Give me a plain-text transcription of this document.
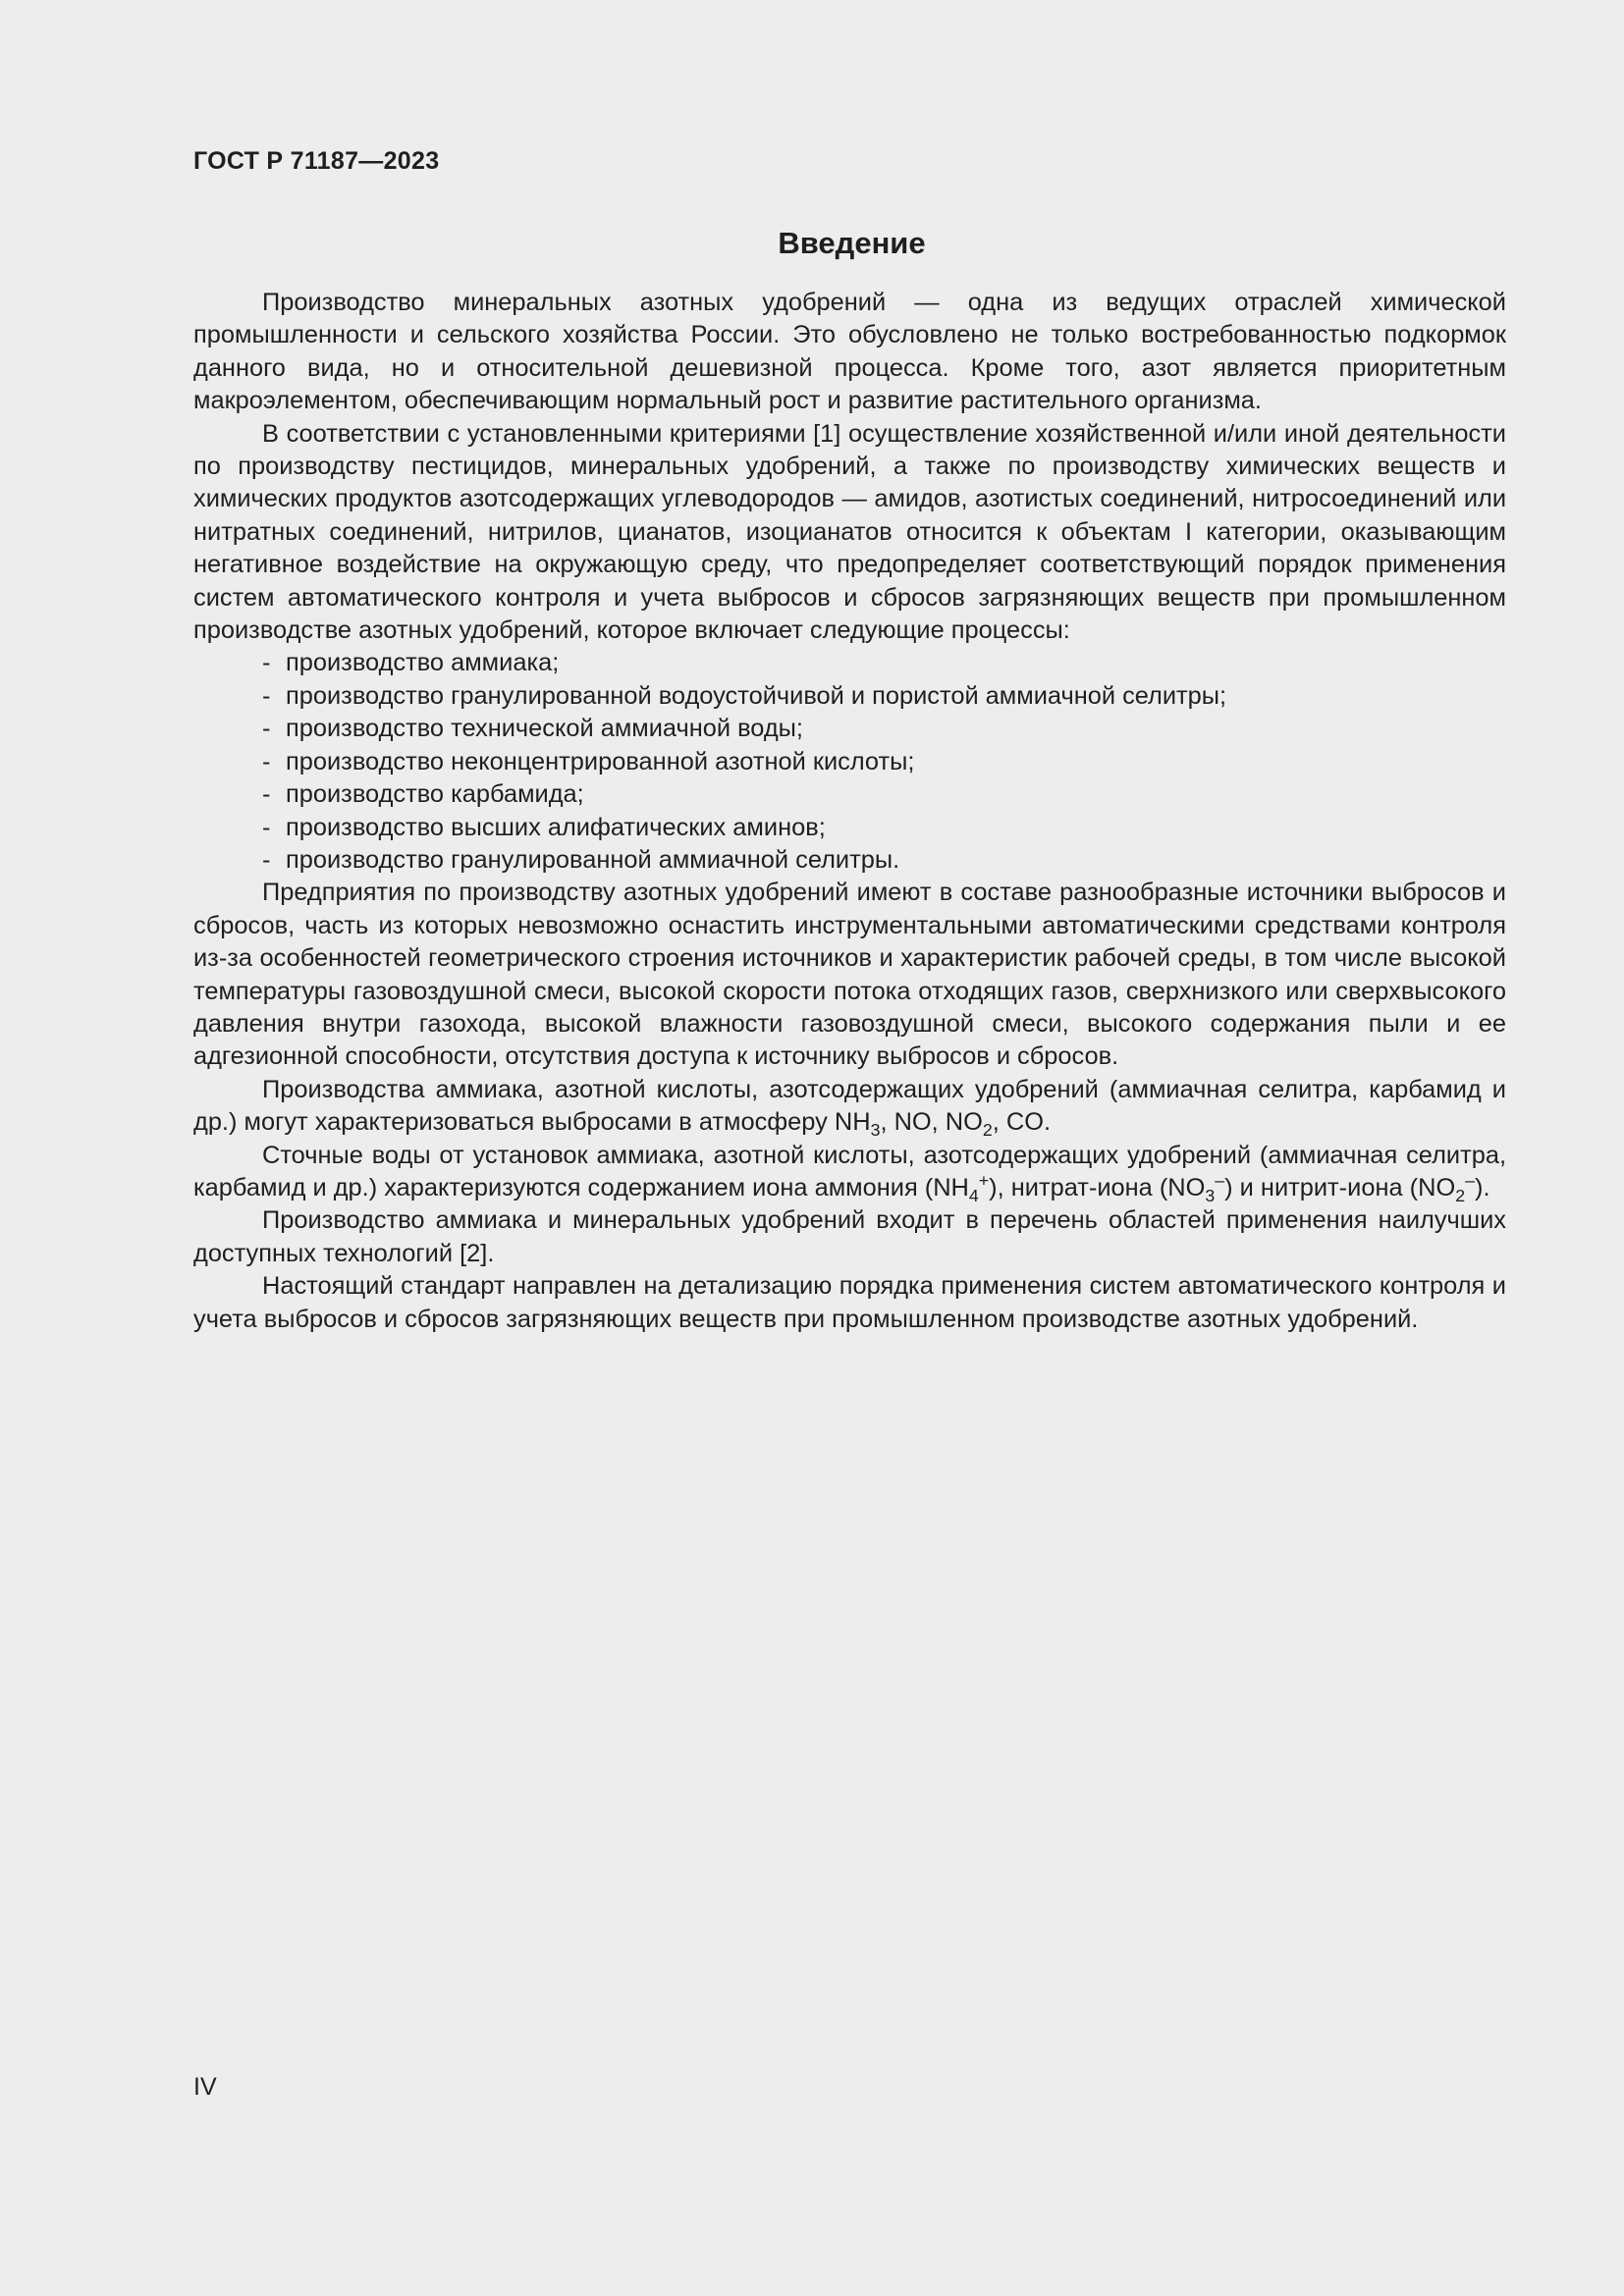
ГОСТ Р 71187—2023
Введение

Производство минеральных азотных удобрений — одна из ведущих отраслей химической промышленности и сельского хозяйства России. Это обусловлено не только востребованностью подкормок данного вида, но и относительной дешевизной процесса. Кроме того, азот является приоритетным макроэлементом, обеспечивающим нормальный рост и развитие растительного организма.

В соответствии с установленными критериями [1] осуществление хозяйственной и/или иной деятельности по производству пестицидов, минеральных удобрений, а также по производству химических веществ и химических продуктов азотсодержащих углеводородов — амидов, азотистых соединений, нитросоединений или нитратных соединений, нитрилов, цианатов, изоцианатов относится к объектам I категории, оказывающим негативное воздействие на окружающую среду, что предопределяет соответствующий порядок применения систем автоматического контроля и учета выбросов и сбросов загрязняющих веществ при промышленном производстве азотных удобрений, которое включает следующие процессы:

- производство аммиака;
- производство гранулированной водоустойчивой и пористой аммиачной селитры;
- производство технической аммиачной воды;
- производство неконцентрированной азотной кислоты;
- производство карбамида;
- производство высших алифатических аминов;
- производство гранулированной аммиачной селитры.

Предприятия по производству азотных удобрений имеют в составе разнообразные источники выбросов и сбросов, часть из которых невозможно оснастить инструментальными автоматическими средствами контроля из-за особенностей геометрического строения источников и характеристик рабочей среды, в том числе высокой температуры газовоздушной смеси, высокой скорости потока отходящих газов, сверхнизкого или сверхвысокого давления внутри газохода, высокой влажности газовоздушной смеси, высокого содержания пыли и ее адгезионной способности, отсутствия доступа к источнику выбросов и сбросов.

Производства аммиака, азотной кислоты, азотсодержащих удобрений (аммиачная селитра, карбамид и др.) могут характеризоваться выбросами в атмосферу $NH_3$, NO, $NO_2$, CO.

Сточные воды от установок аммиака, азотной кислоты, азотсодержащих удобрений (аммиачная селитра, карбамид и др.) характеризуются содержанием иона аммония $(NH_4^+)$, нитрат-иона $(NO_3^-)$ и нитрит-иона $(NO_2^-)$.

Производство аммиака и минеральных удобрений входит в перечень областей применения наилучших доступных технологий [2].

Настоящий стандарт направлен на детализацию порядка применения систем автоматического контроля и учета выбросов и сбросов загрязняющих веществ при промышленном производстве азотных удобрений.

IV
